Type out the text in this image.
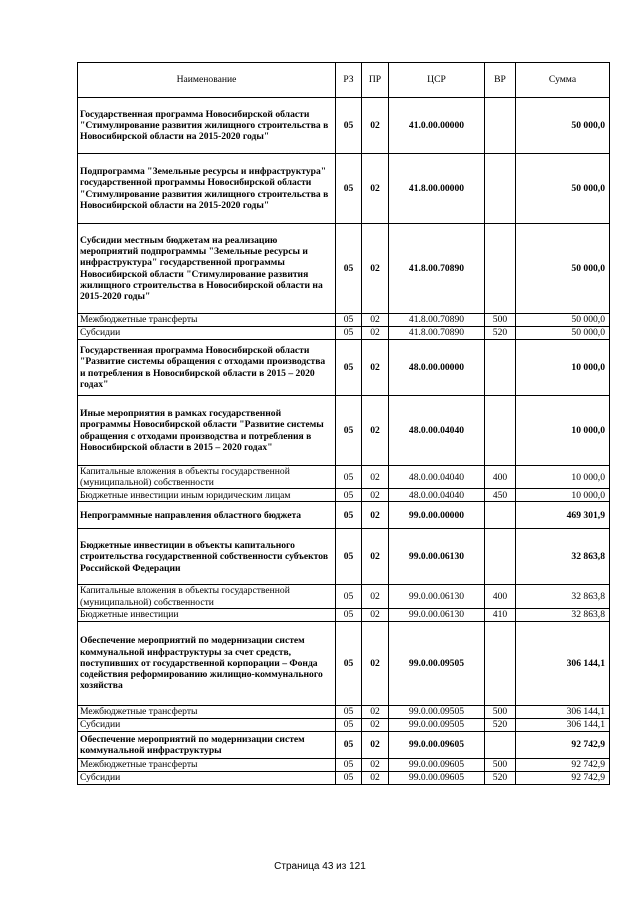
Наименование	РЗ	ПР	ЦСР	ВР	Сумма
Государственная программа Новосибирской области "Стимулирование развития жилищного строительства в Новосибирской области на 2015-2020 годы"	05	02	41.0.00.00000		50 000,0
Подпрограмма "Земельные ресурсы и инфраструктура" государственной программы Новосибирской области "Стимулирование развития жилищного строительства в Новосибирской области на 2015-2020 годы"	05	02	41.8.00.00000		50 000,0
Субсидии местным бюджетам на реализацию мероприятий подпрограммы "Земельные ресурсы и инфраструктура" государственной программы Новосибирской области "Стимулирование развития жилищного строительства в Новосибирской области на 2015-2020 годы"	05	02	41.8.00.70890		50 000,0
Межбюджетные трансферты	05	02	41.8.00.70890	500	50 000,0
Субсидии	05	02	41.8.00.70890	520	50 000,0
Государственная программа Новосибирской области "Развитие системы обращения с отходами производства и потребления в Новосибирской области в 2015 – 2020 годах"	05	02	48.0.00.00000		10 000,0
Иные мероприятия в рамках государственной программы Новосибирской области "Развитие системы обращения с отходами производства и потребления в Новосибирской области в 2015 – 2020 годах"	05	02	48.0.00.04040		10 000,0
Капитальные вложения в объекты государственной (муниципальной) собственности	05	02	48.0.00.04040	400	10 000,0
Бюджетные инвестиции иным юридическим лицам	05	02	48.0.00.04040	450	10 000,0
Непрограммные направления областного бюджета	05	02	99.0.00.00000		469 301,9
Бюджетные инвестиции в объекты капитального строительства государственной собственности субъектов Российской Федерации	05	02	99.0.00.06130		32 863,8
Капитальные вложения в объекты государственной (муниципальной) собственности	05	02	99.0.00.06130	400	32 863,8
Бюджетные инвестиции	05	02	99.0.00.06130	410	32 863,8
Обеспечение мероприятий по модернизации систем коммунальной инфраструктуры за счет средств, поступивших от государственной корпорации – Фонда содействия реформированию жилищно-коммунального хозяйства	05	02	99.0.00.09505		306 144,1
Межбюджетные трансферты	05	02	99.0.00.09505	500	306 144,1
Субсидии	05	02	99.0.00.09505	520	306 144,1
Обеспечение мероприятий по модернизации систем коммунальной инфраструктуры	05	02	99.0.00.09605		92 742,9
Межбюджетные трансферты	05	02	99.0.00.09605	500	92 742,9
Субсидии	05	02	99.0.00.09605	520	92 742,9
Страница 43 из 121
